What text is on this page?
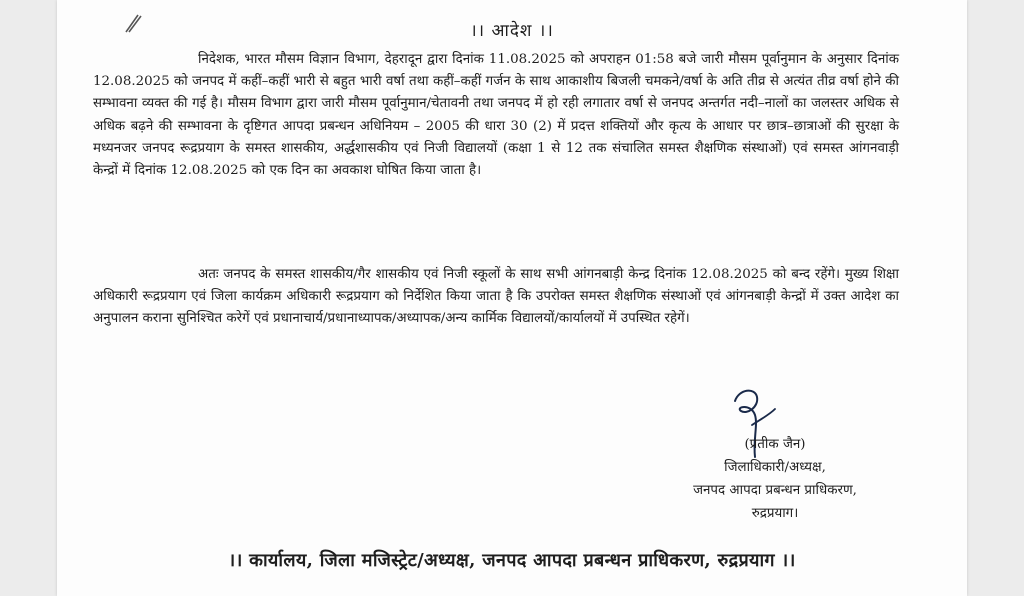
।। आदेश ।।

निदेशक, भारत मौसम विज्ञान विभाग, देहरादून द्वारा दिनांक 11.08.2025 को अपराहन 01:58 बजे जारी मौसम पूर्वानुमान के अनुसार दिनांक 12.08.2025 को जनपद में कहीं–कहीं भारी से बहुत भारी वर्षा तथा कहीं–कहीं गर्जन के साथ आकाशीय बिजली चमकने/वर्षा के अति तीव्र से अत्यंत तीव्र वर्षा होने की सम्भावना व्यक्त की गई है। मौसम विभाग द्वारा जारी मौसम पूर्वानुमान/चेतावनी तथा जनपद में हो रही लगातार वर्षा से जनपद अन्तर्गत नदी–नालों का जलस्तर अधिक से अधिक बढ़ने की सम्भावना के दृष्टिगत आपदा प्रबन्धन अधिनियम – 2005 की धारा 30 (2) में प्रदत्त शक्तियों और कृत्य के आधार पर छात्र–छात्राओं की सुरक्षा के मध्यनजर जनपद रूद्रप्रयाग के समस्त शासकीय, अर्द्धशासकीय एवं निजी विद्यालयों (कक्षा 1 से 12 तक संचालित समस्त शैक्षणिक संस्थाओं) एवं समस्त आंगनवाड़ी केन्द्रों में दिनांक 12.08.2025 को एक दिन का अवकाश घोषित किया जाता है।

अतः जनपद के समस्त शासकीय/गैर शासकीय एवं निजी स्कूलों के साथ सभी आंगनबाड़ी केन्द्र दिनांक 12.08.2025 को बन्द रहेंगे। मुख्य शिक्षा अधिकारी रूद्रप्रयाग एवं जिला कार्यक्रम अधिकारी रूद्रप्रयाग को निर्देशित किया जाता है कि उपरोक्त समस्त शैक्षणिक संस्थाओं एवं आंगनबाड़ी केन्द्रों में उक्त आदेश का अनुपालन कराना सुनिश्चित करेगें एवं प्रधानाचार्य/प्रधानाध्यापक/अध्यापक/अन्य कार्मिक विद्यालयों/कार्यालयों में उपस्थित रहेगें।

(प्रतीक जैन)
जिलाधिकारी/अध्यक्ष,
जनपद आपदा प्रबन्धन प्राधिकरण,
रुद्रप्रयाग।
।। कार्यालय, जिला मजिस्ट्रेट/अध्यक्ष, जनपद आपदा प्रबन्धन प्राधिकरण, रुद्रप्रयाग ।।
